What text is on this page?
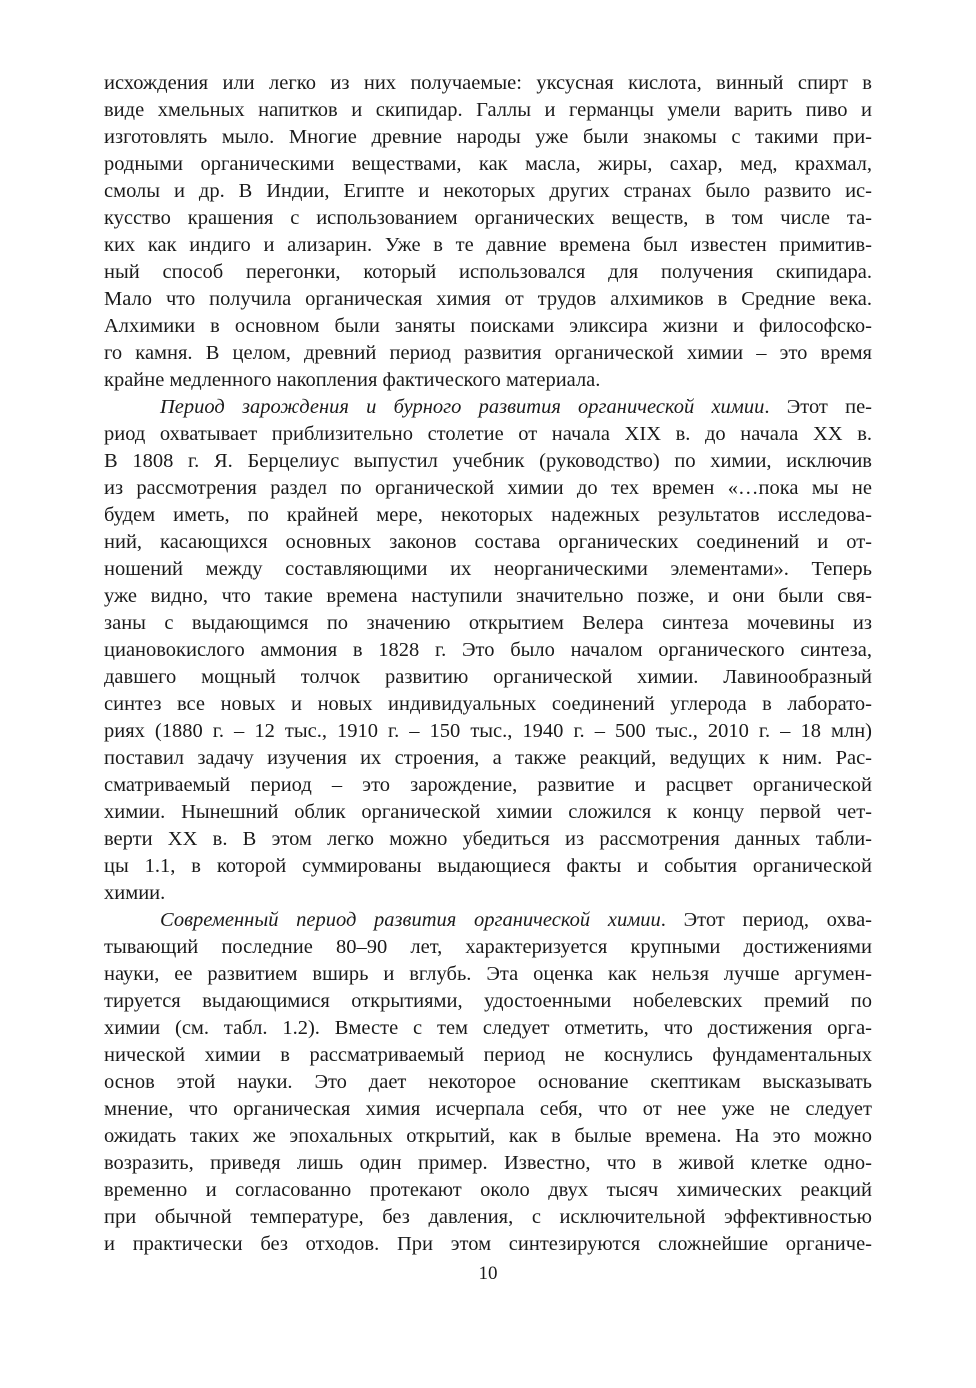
исхождения или легко из них получаемые: уксусная кислота, винный спирт в
виде хмельных напитков и скипидар. Галлы и германцы умели варить пиво и
изготовлять мыло. Многие древние народы уже были знакомы с такими при-
родными органическими веществами, как масла, жиры, сахар, мед, крахмал,
смолы и др. В Индии, Египте и некоторых других странах было развито ис-
кусство крашения с использованием органических веществ, в том числе та-
ких как индиго и ализарин. Уже в те давние времена был известен примитив-
ный способ перегонки, который использовался для получения скипидара.
Мало что получила органическая химия от трудов алхимиков в Средние века.
Алхимики в основном были заняты поисками эликсира жизни и философско-
го камня. В целом, древний период развития органической химии – это время
крайне медленного накопления фактического материала.
Период зарождения и бурного развития органической химии. Этот пе-
риод охватывает приблизительно столетие от начала XIX в. до начала XX в.
В 1808 г. Я. Берцелиус выпустил учебник (руководство) по химии, исключив
из рассмотрения раздел по органической химии до тех времен «…пока мы не
будем иметь, по крайней мере, некоторых надежных результатов исследова-
ний, касающихся основных законов состава органических соединений и от-
ношений между составляющими их неорганическими элементами». Теперь
уже видно, что такие времена наступили значительно позже, и они были свя-
заны с выдающимся по значению открытием Велера синтеза мочевины из
циановокислого аммония в 1828 г. Это было началом органического синтеза,
давшего мощный толчок развитию органической химии. Лавинообразный
синтез все новых и новых индивидуальных соединений углерода в лаборато-
риях (1880 г. – 12 тыс., 1910 г. – 150 тыс., 1940 г. – 500 тыс., 2010 г. – 18 млн)
поставил задачу изучения их строения, а также реакций, ведущих к ним. Рас-
сматриваемый период – это зарождение, развитие и расцвет органической
химии. Нынешний облик органической химии сложился к концу первой чет-
верти XX в. В этом легко можно убедиться из рассмотрения данных табли-
цы 1.1, в которой суммированы выдающиеся факты и события органической
химии.
Современный период развития органической химии. Этот период, охва-
тывающий последние 80–90 лет, характеризуется крупными достижениями
науки, ее развитием вширь и вглубь. Эта оценка как нельзя лучше аргумен-
тируется выдающимися открытиями, удостоенными нобелевских премий по
химии (см. табл. 1.2). Вместе с тем следует отметить, что достижения орга-
нической химии в рассматриваемый период не коснулись фундаментальных
основ этой науки. Это дает некоторое основание скептикам высказывать
мнение, что органическая химия исчерпала себя, что от нее уже не следует
ожидать таких же эпохальных открытий, как в былые времена. На это можно
возразить, приведя лишь один пример. Известно, что в живой клетке одно-
временно и согласованно протекают около двух тысяч химических реакций
при обычной температуре, без давления, с исключительной эффективностью
и практически без отходов. При этом синтезируются сложнейшие органиче-
10
